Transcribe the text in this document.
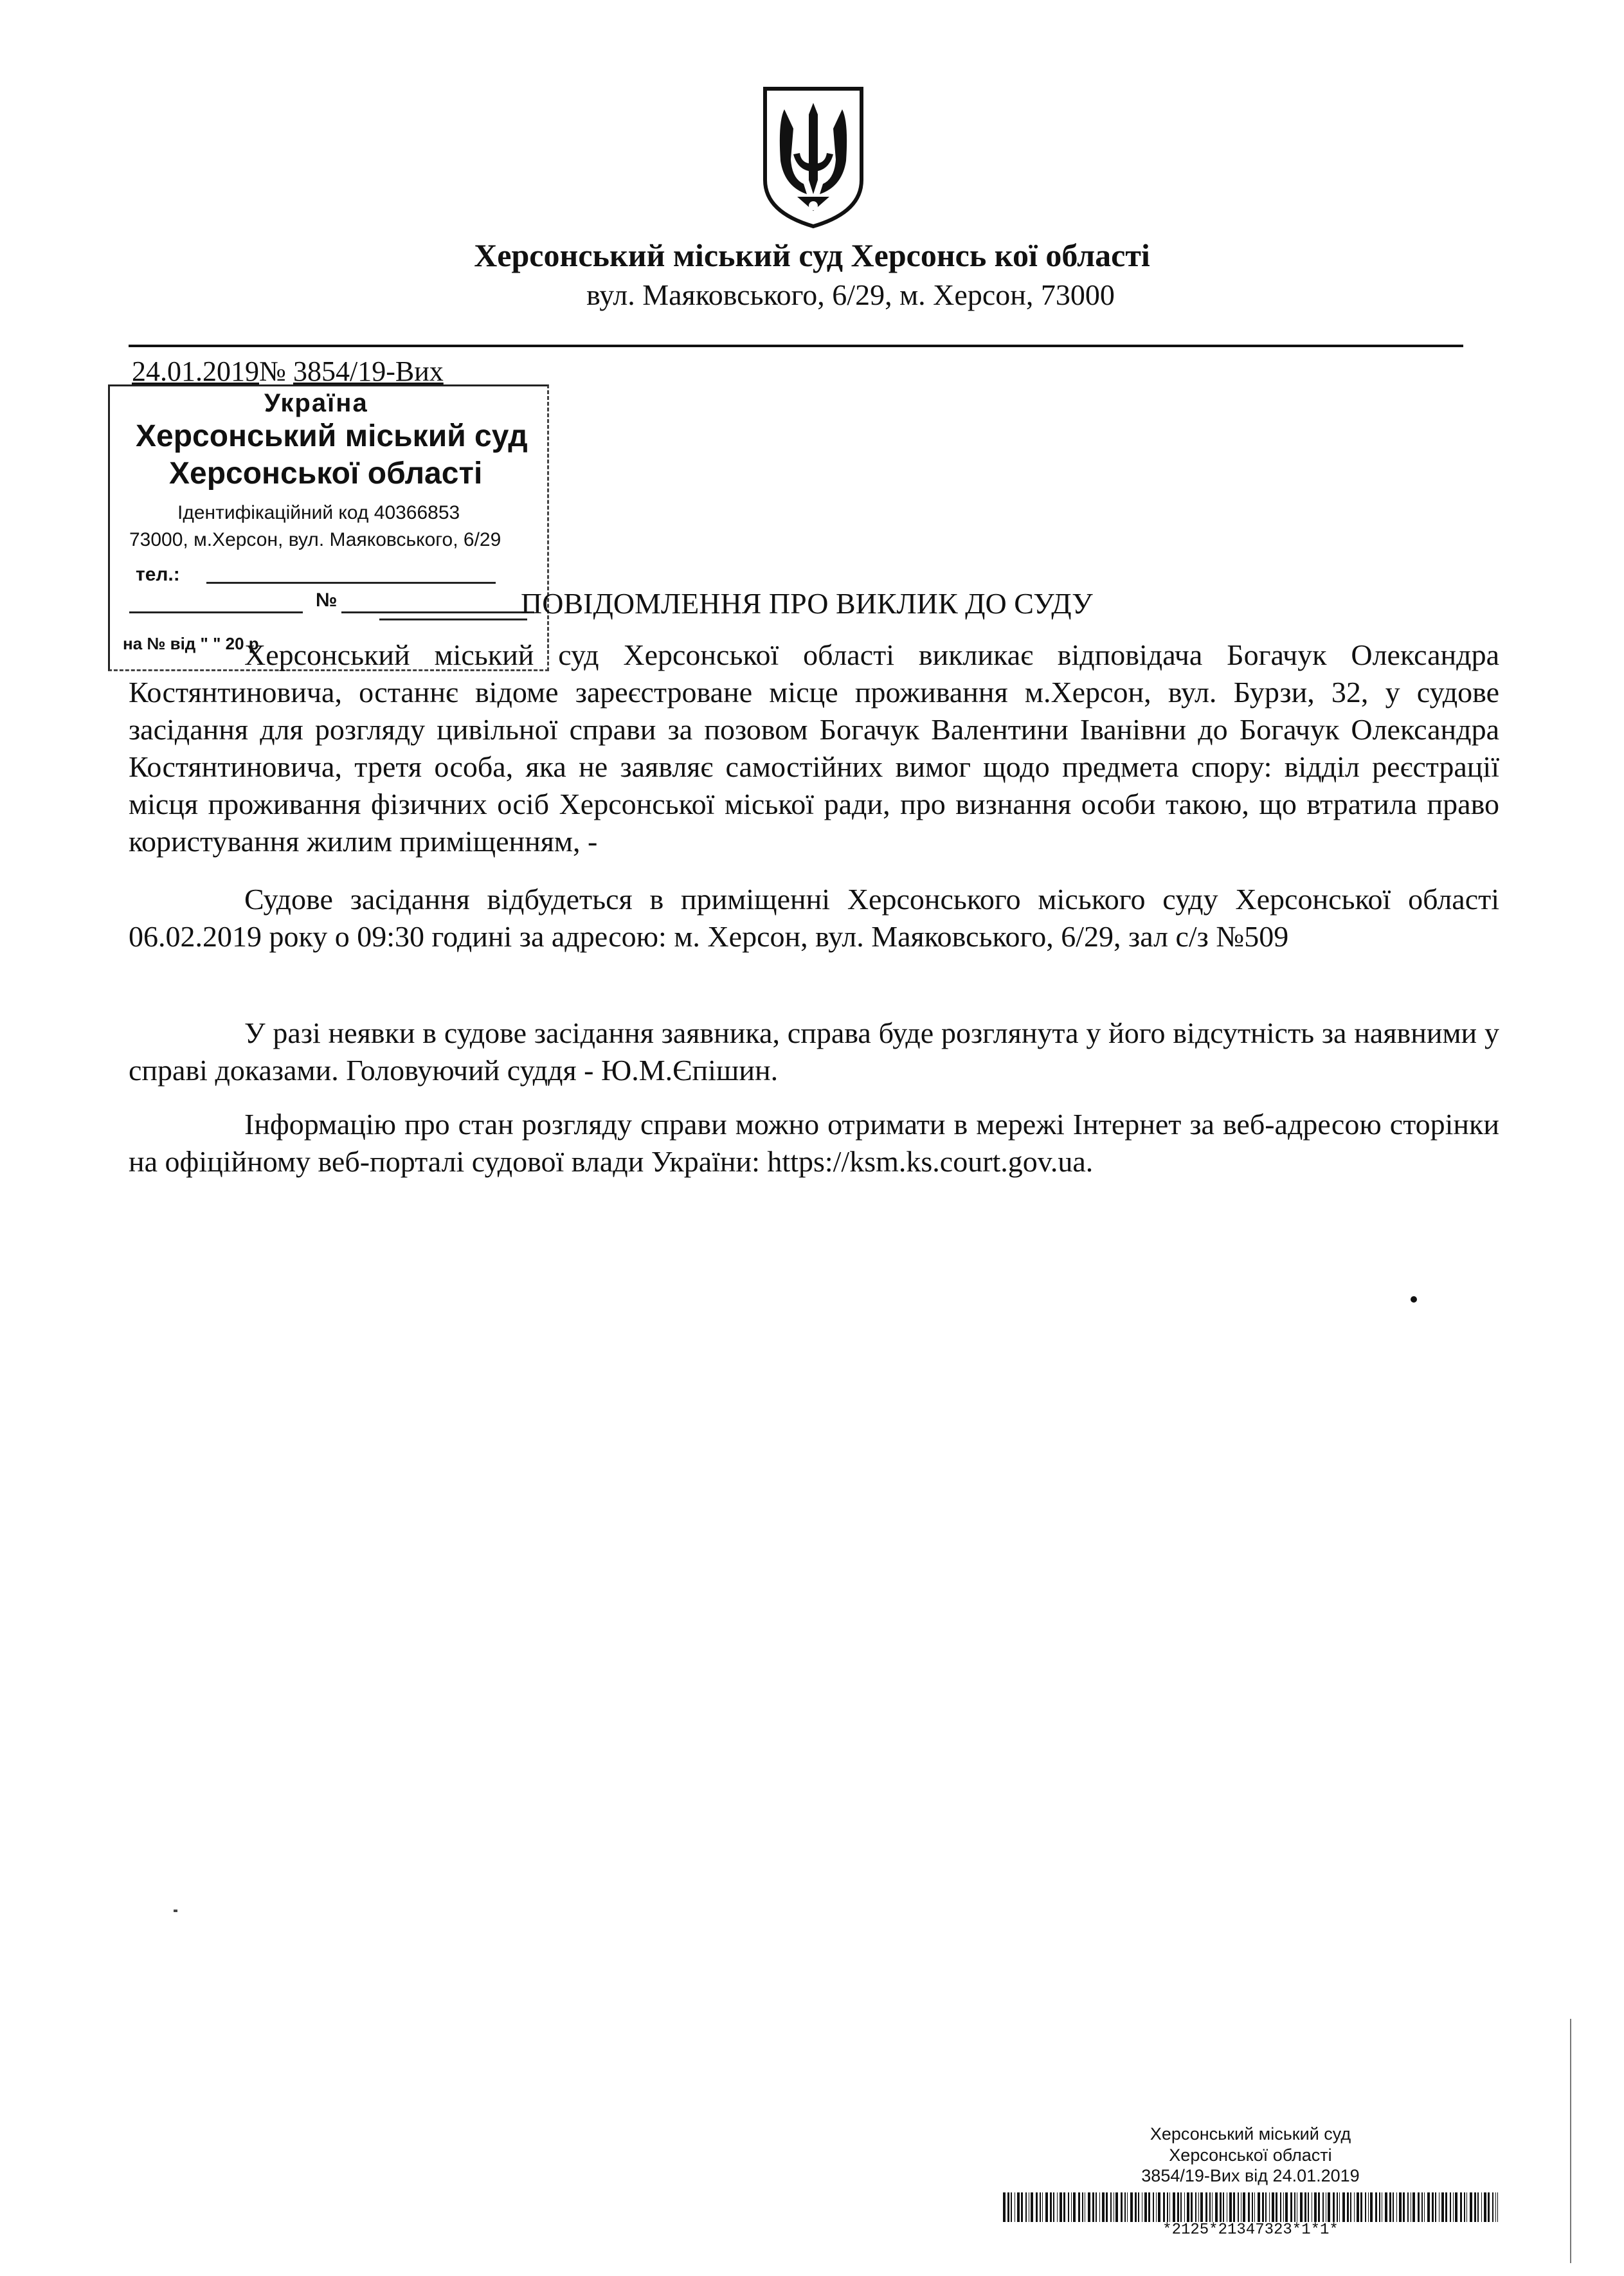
Херсонський міський суд Херсонсь кої області
вул. Маяковського, 6/29, м. Херсон, 73000
24.01.2019№ 3854/19-Вих
Україна
Херсонський міський суд
Херсонської області
Ідентифікаційний код 40366853
73000, м.Херсон, вул. Маяковського, 6/29
тел.:
№
на № від " " 20 р
ПОВІДОМЛЕННЯ ПРО ВИКЛИК ДО СУДУ
Херсонський міський суд Херсонської області викликає відповідача Богачук Олександра Костянтиновича, останнє відоме зареєстроване місце проживання м.Херсон, вул. Бурзи, 32, у судове засідання для розгляду цивільної справи за позовом Богачук Валентини Іванівни до Богачук Олександра Костянтиновича, третя особа, яка не заявляє самостійних вимог щодо предмета спору: відділ реєстрації місця проживання фізичних осіб Херсонської міської ради, про визнання особи такою, що втратила право користування жилим приміщенням, -
Судове засідання відбудеться в приміщенні Херсонського міського суду Херсонської області 06.02.2019 року о 09:30 годині за адресою: м. Херсон, вул. Маяковського, 6/29, зал с/з №509
У разі неявки в судове засідання заявника, справа буде розглянута у його відсутність за наявними у справі доказами. Головуючий суддя - Ю.М.Єпішин.
Інформацію про стан розгляду справи можно отримати в мережі Інтернет за веб-адресою сторінки на офіційному веб-порталі судової влади України: https://ksm.ks.court.gov.ua.
Херсонський міський суд
Херсонської області
3854/19-Вих від 24.01.2019
*2125*21347323*1*1*
